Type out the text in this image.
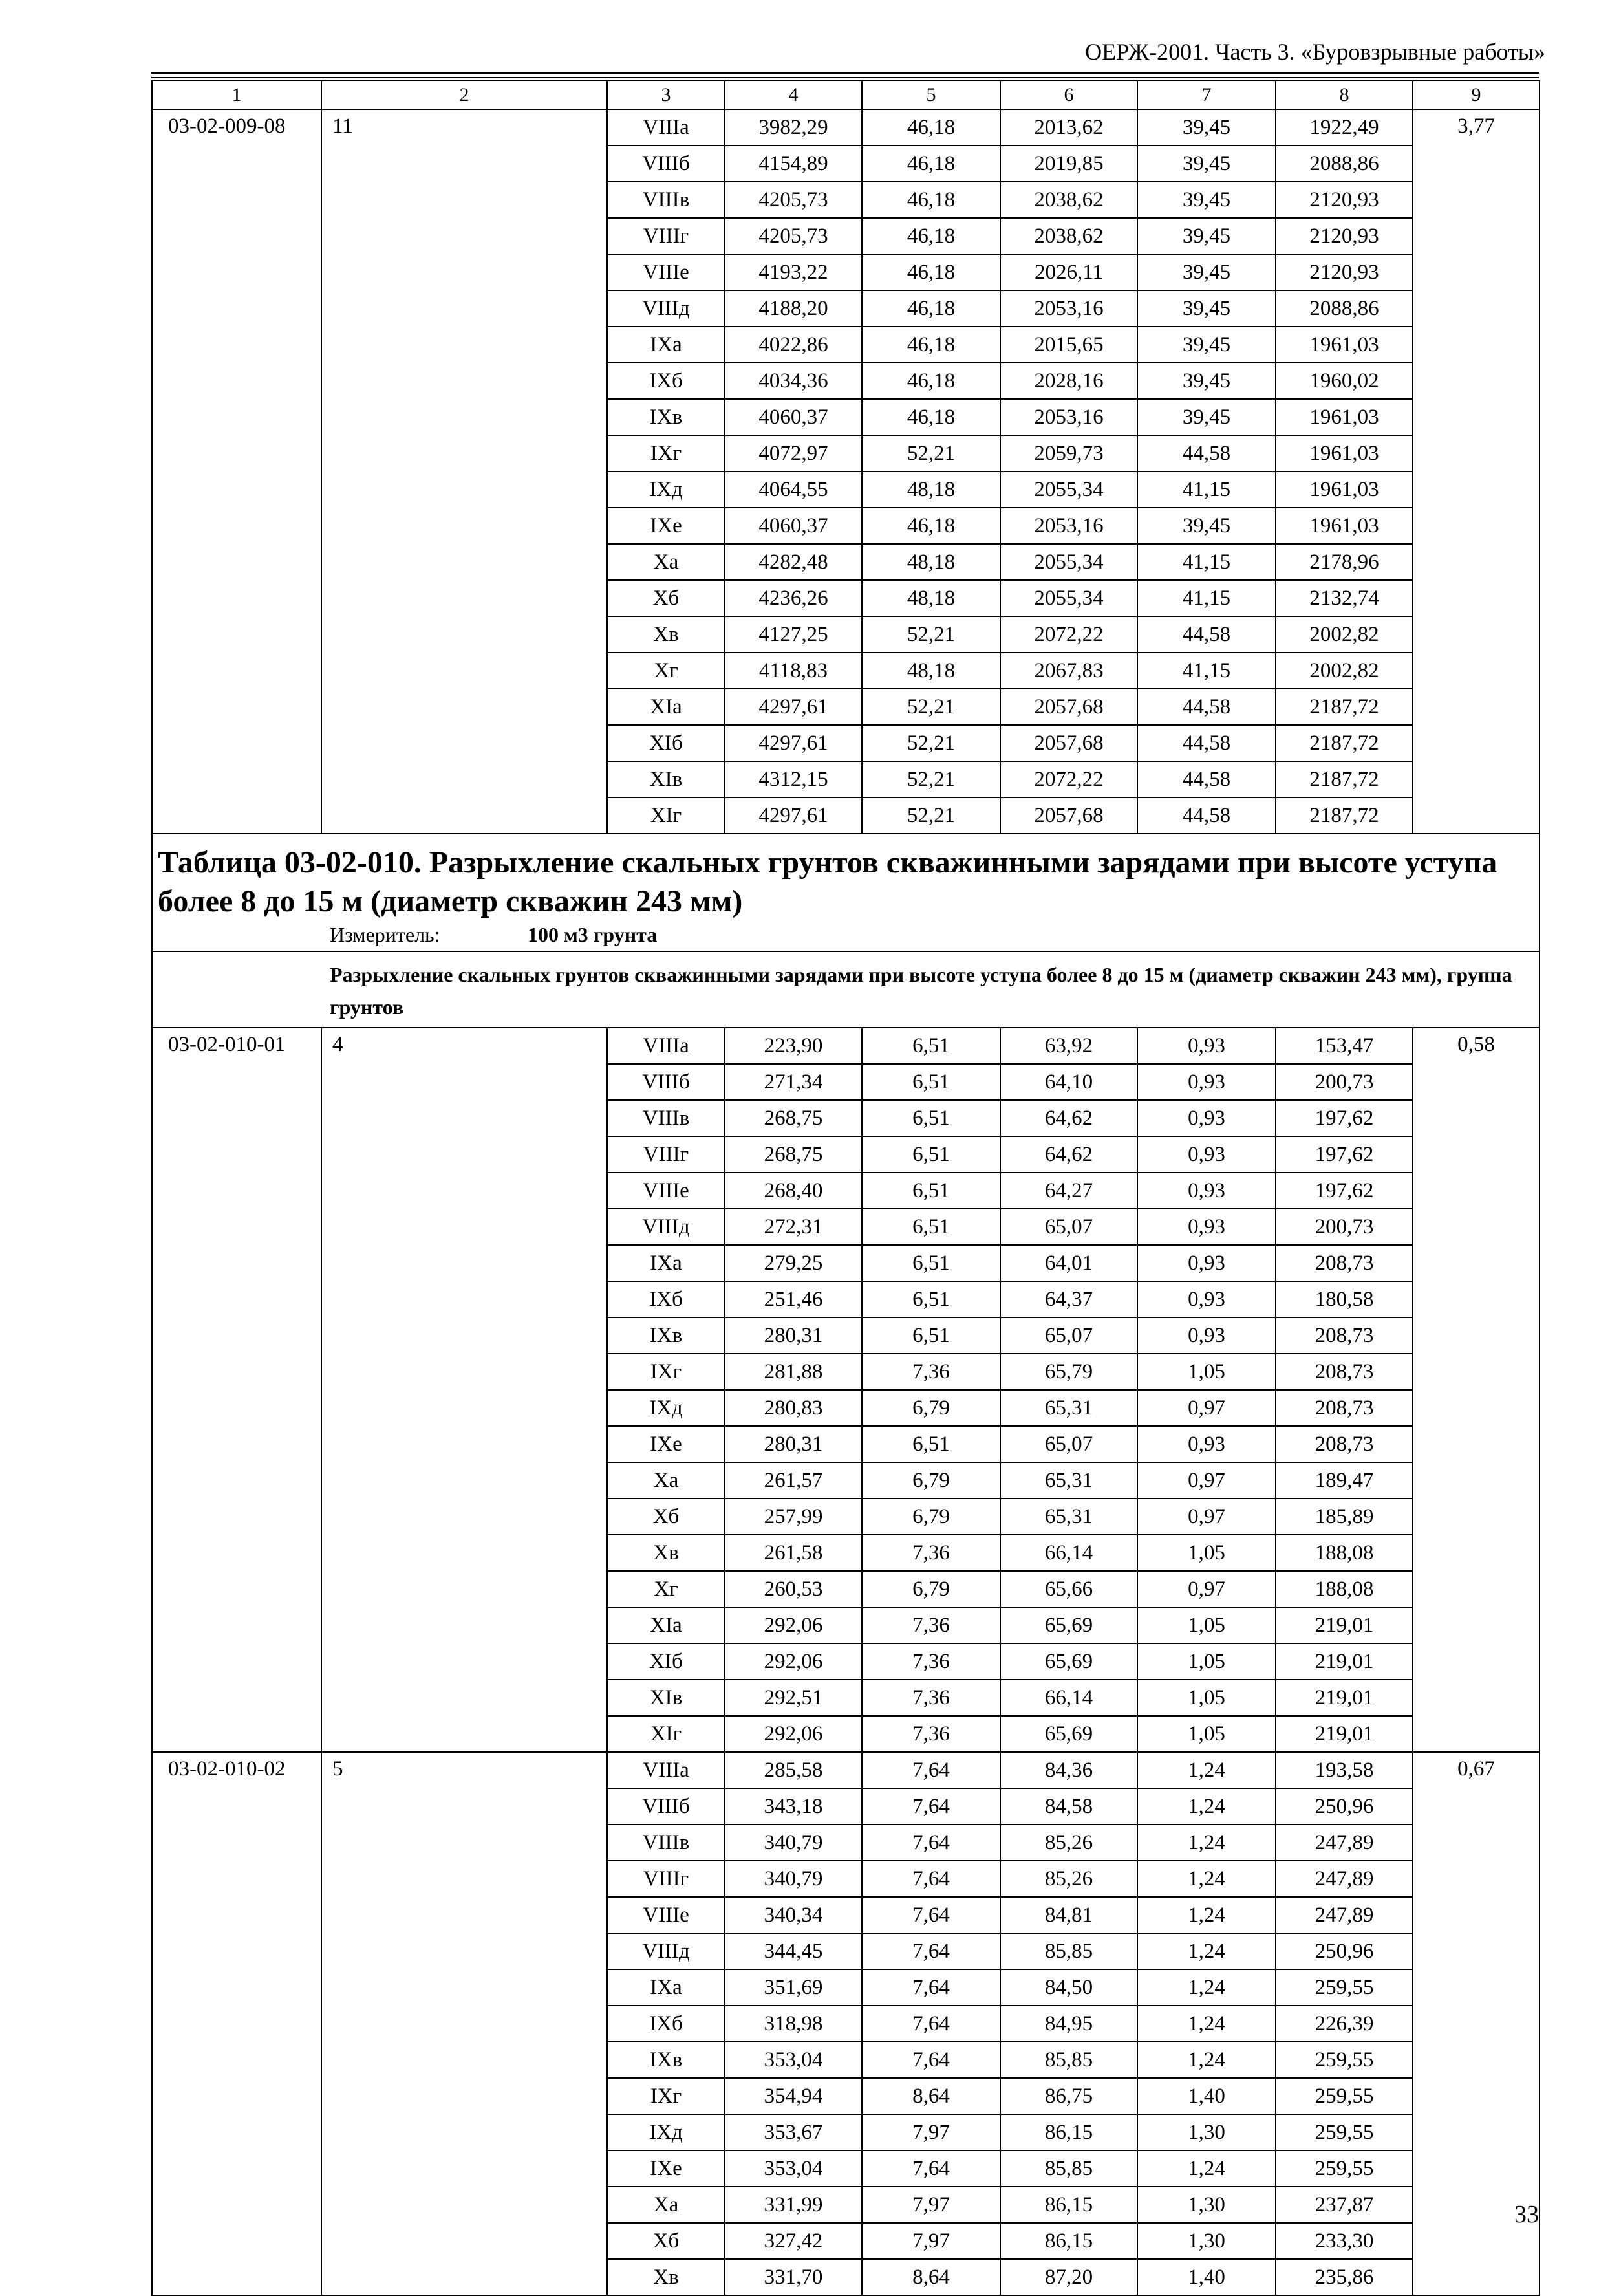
ОЕРЖ-2001. Часть 3. «Буровзрывные работы»
1	2	3	4	5	6	7	8	9
03-02-009-08	11	VIIIа	3982,29	46,18	2013,62	39,45	1922,49	3,77
		VIIIб	4154,89	46,18	2019,85	39,45	2088,86	
		VIIIв	4205,73	46,18	2038,62	39,45	2120,93	
		VIIIг	4205,73	46,18	2038,62	39,45	2120,93	
		VIIIе	4193,22	46,18	2026,11	39,45	2120,93	
		VIIIд	4188,20	46,18	2053,16	39,45	2088,86	
		IXа	4022,86	46,18	2015,65	39,45	1961,03	
		IXб	4034,36	46,18	2028,16	39,45	1960,02	
		IXв	4060,37	46,18	2053,16	39,45	1961,03	
		IXг	4072,97	52,21	2059,73	44,58	1961,03	
		IXд	4064,55	48,18	2055,34	41,15	1961,03	
		IXе	4060,37	46,18	2053,16	39,45	1961,03	
		Xа	4282,48	48,18	2055,34	41,15	2178,96	
		Xб	4236,26	48,18	2055,34	41,15	2132,74	
		Xв	4127,25	52,21	2072,22	44,58	2002,82	
		Xг	4118,83	48,18	2067,83	41,15	2002,82	
		XIа	4297,61	52,21	2057,68	44,58	2187,72	
		XIб	4297,61	52,21	2057,68	44,58	2187,72	
		XIв	4312,15	52,21	2072,22	44,58	2187,72	
		XIг	4297,61	52,21	2057,68	44,58	2187,72	

Таблица 03-02-010. Разрыхление скальных грунтов скважинными зарядами при высоте уступа более 8 до 15 м (диаметр скважин 243 мм)
Измеритель: 100 м3 грунта								

Разрыхление скальных грунтов скважинными зарядами при высоте уступа более 8 до 15 м (диаметр скважин 243 мм), группа грунтов								
03-02-010-01	4	VIIIа	223,90	6,51	63,92	0,93	153,47	0,58
		VIIIб	271,34	6,51	64,10	0,93	200,73	
		VIIIв	268,75	6,51	64,62	0,93	197,62	
		VIIIг	268,75	6,51	64,62	0,93	197,62	
		VIIIе	268,40	6,51	64,27	0,93	197,62	
		VIIIд	272,31	6,51	65,07	0,93	200,73	
		IXа	279,25	6,51	64,01	0,93	208,73	
		IXб	251,46	6,51	64,37	0,93	180,58	
		IXв	280,31	6,51	65,07	0,93	208,73	
		IXг	281,88	7,36	65,79	1,05	208,73	
		IXд	280,83	6,79	65,31	0,97	208,73	
		IXе	280,31	6,51	65,07	0,93	208,73	
		Xа	261,57	6,79	65,31	0,97	189,47	
		Xб	257,99	6,79	65,31	0,97	185,89	
		Xв	261,58	7,36	66,14	1,05	188,08	
		Xг	260,53	6,79	65,66	0,97	188,08	
		XIа	292,06	7,36	65,69	1,05	219,01	
		XIб	292,06	7,36	65,69	1,05	219,01	
		XIв	292,51	7,36	66,14	1,05	219,01	
		XIг	292,06	7,36	65,69	1,05	219,01	
03-02-010-02	5	VIIIа	285,58	7,64	84,36	1,24	193,58	0,67
		VIIIб	343,18	7,64	84,58	1,24	250,96	
		VIIIв	340,79	7,64	85,26	1,24	247,89	
		VIIIг	340,79	7,64	85,26	1,24	247,89	
		VIIIе	340,34	7,64	84,81	1,24	247,89	
		VIIIд	344,45	7,64	85,85	1,24	250,96	
		IXа	351,69	7,64	84,50	1,24	259,55	
		IXб	318,98	7,64	84,95	1,24	226,39	
		IXв	353,04	7,64	85,85	1,24	259,55	
		IXг	354,94	8,64	86,75	1,40	259,55	
		IXд	353,67	7,97	86,15	1,30	259,55	
		IXе	353,04	7,64	85,85	1,24	259,55	
		Xа	331,99	7,97	86,15	1,30	237,87	
		Xб	327,42	7,97	86,15	1,30	233,30	
		Xв	331,70	8,64	87,20	1,40	235,86	
33
